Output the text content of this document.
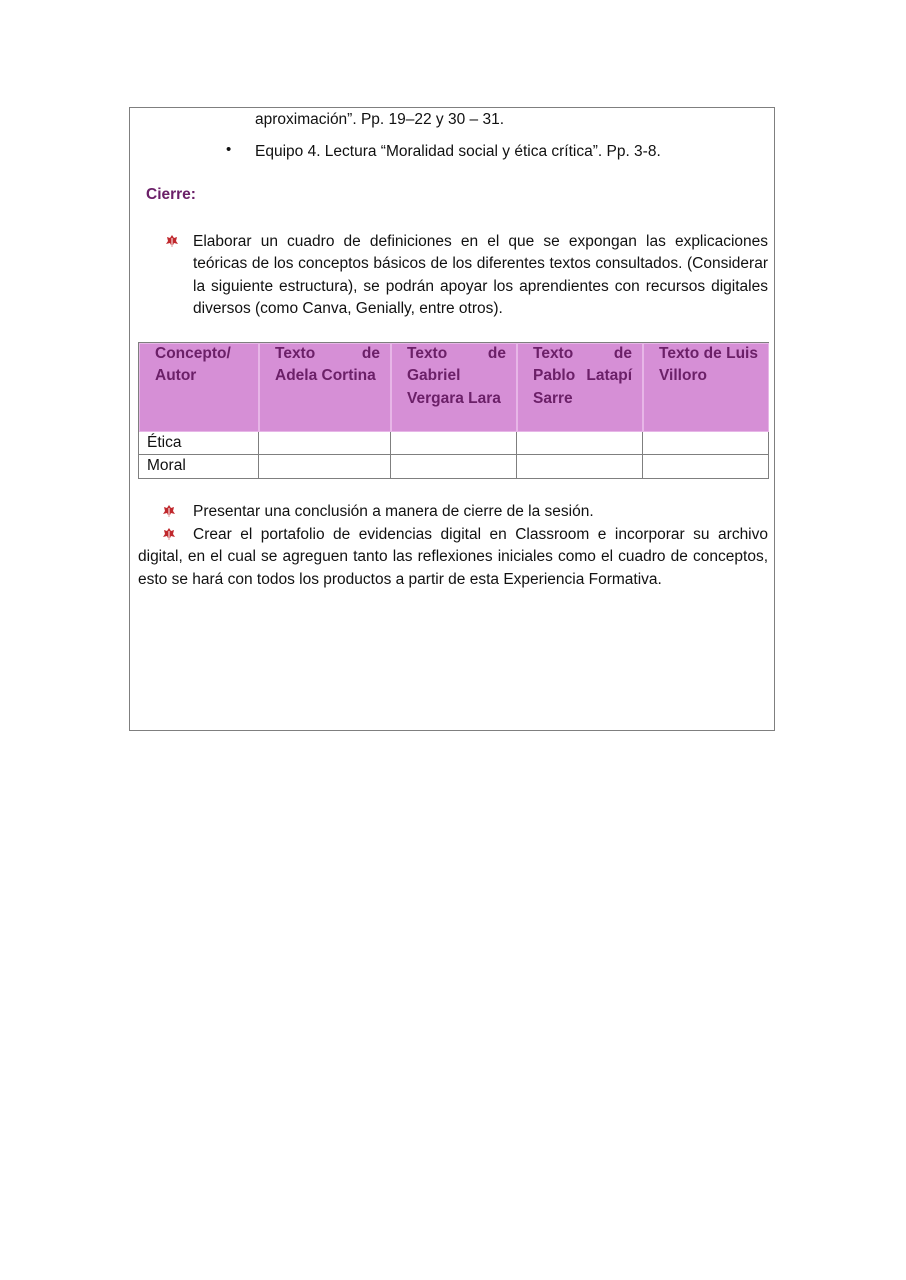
aproximación”. Pp. 19–22 y 30 – 31.
• Equipo 4. Lectura “Moralidad social y ética crítica”. Pp. 3-8.
Cierre:
Elaborar un cuadro de definiciones en el que se expongan las explicaciones teóricas de los conceptos básicos de los diferentes textos consultados. (Considerar la siguiente estructura), se podrán apoyar los aprendientes con recursos digitales diversos (como Canva, Genially, entre otros).
Concepto/ Autor	Texto de Adela Cortina	Texto de Gabriel Vergara Lara	Texto de Pablo Latapí Sarre	Texto de Luis Villoro
Ética				
Moral				
Presentar una conclusión a manera de cierre de la sesión.
Crear el portafolio de evidencias digital en Classroom e incorporar su archivo digital, en el cual se agreguen tanto las reflexiones iniciales como el cuadro de conceptos, esto se hará con todos los productos a partir de esta Experiencia Formativa.
